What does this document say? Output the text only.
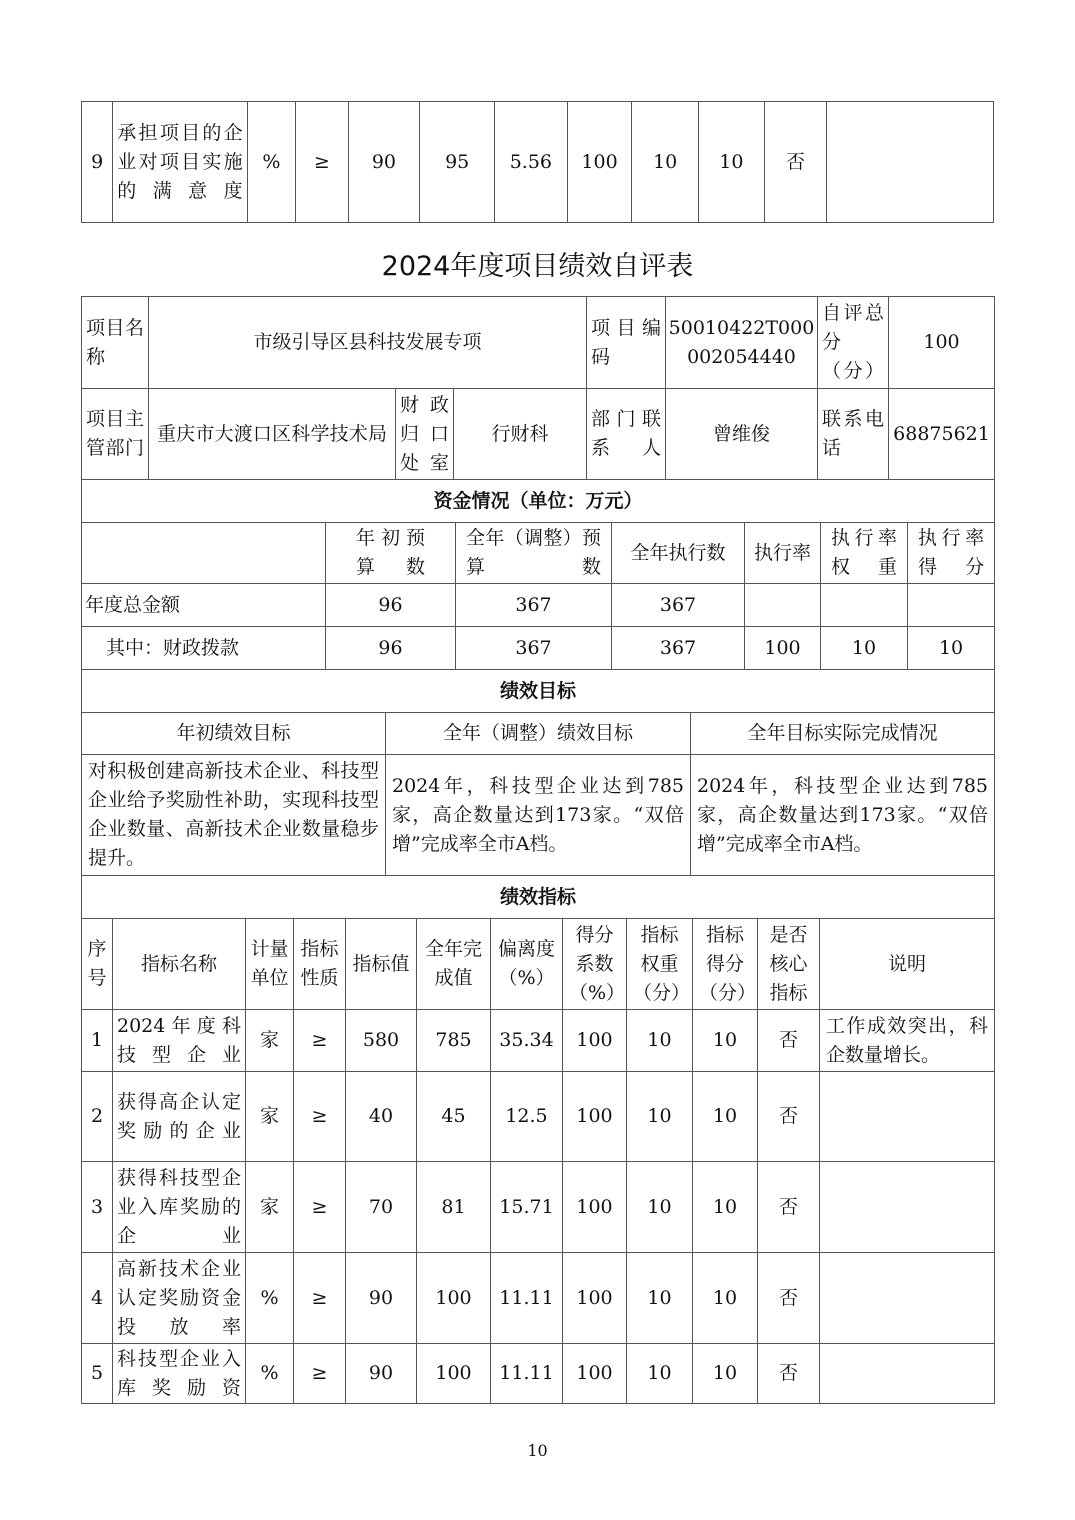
9	承担项目的企业对项目实施的满意度	%	≥	90	95	5.56	100	10	10	否	
2024年度项目绩效自评表
项目名称	市级引导区县科技发展专项			项目编码	50010422T000002054440	自评总分（分）	100
项目主管部门	重庆市大渡口区科学技术局	财政归口处室	行财科	部门联系人	曾维俊	联系电话	68875621
资金情况（单位：万元）						
	年初预算数	全年（调整）预算数	全年执行数	执行率	执行率权重	执行率得分
年度总金额	96	367	367			
其中：财政拨款	96	367	367	100	10	10
绩效目标		
年初绩效目标	全年（调整）绩效目标	全年目标实际完成情况
对积极创建高新技术企业、科技型企业给予奖励性补助，实现科技型企业数量、高新技术企业数量稳步提升。	2024年，科技型企业达到785家，高企数量达到173家。“双倍增”完成率全市A档。	2024年，科技型企业达到785家，高企数量达到173家。“双倍增”完成率全市A档。
绩效指标											
序号	指标名称	计量单位	指标性质	指标值	全年完成值	偏离度（%）	得分系数（%）	指标权重（分）	指标得分（分）	是否核心指标	说明
1	2024年度科技型企业	家	≥	580	785	35.34	100	10	10	否	工作成效突出，科企数量增长。
2	获得高企认定奖励的企业	家	≥	40	45	12.5	100	10	10	否	
3	获得科技型企业入库奖励的企业	家	≥	70	81	15.71	100	10	10	否	
4	高新技术企业认定奖励资金投放率	%	≥	90	100	11.11	100	10	10	否	
5	科技型企业入库奖励资	%	≥	90	100	11.11	100	10	10	否	
10
